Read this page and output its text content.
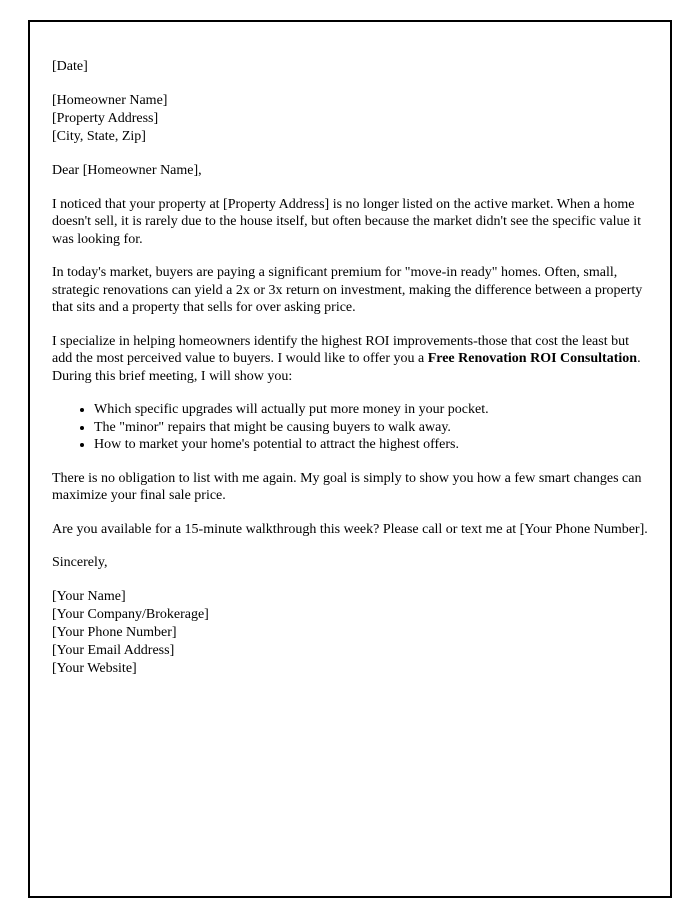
[Date]
[Homeowner Name]
[Property Address]
[City, State, Zip]

Dear [Homeowner Name],

I noticed that your property at [Property Address] is no longer listed on the active market. When a home doesn't sell, it is rarely due to the house itself, but often because the market didn't see the specific value it was looking for.

In today's market, buyers are paying a significant premium for "move-in ready" homes. Often, small, strategic renovations can yield a 2x or 3x return on investment, making the difference between a property that sits and a property that sells for over asking price.

I specialize in helping homeowners identify the highest ROI improvements-those that cost the least but add the most perceived value to buyers. I would like to offer you a Free Renovation ROI Consultation. During this brief meeting, I will show you:

• Which specific upgrades will actually put more money in your pocket.
• The "minor" repairs that might be causing buyers to walk away.
• How to market your home's potential to attract the highest offers.

There is no obligation to list with me again. My goal is simply to show you how a few smart changes can maximize your final sale price.

Are you available for a 15-minute walkthrough this week? Please call or text me at [Your Phone Number].

Sincerely,

[Your Name]
[Your Company/Brokerage]
[Your Phone Number]
[Your Email Address]
[Your Website]
